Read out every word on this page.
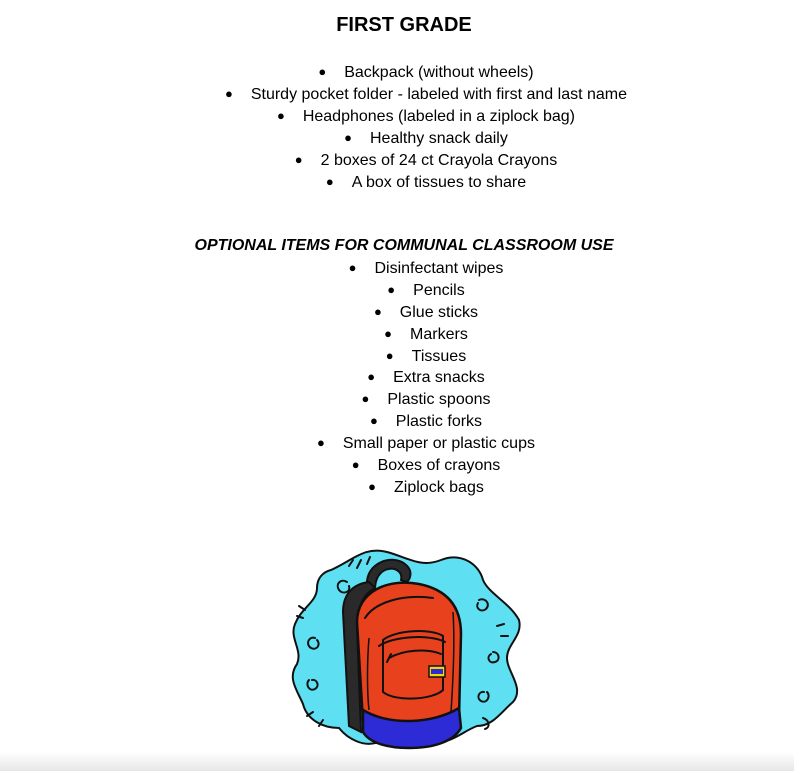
FIRST GRADE
● Backpack (without wheels)
● Sturdy pocket folder - labeled with first and last name
● Headphones (labeled in a ziplock bag)
● Healthy snack daily
● 2 boxes of 24 ct Crayola Crayons
● A box of tissues to share
OPTIONAL ITEMS FOR COMMUNAL CLASSROOM USE
● Disinfectant wipes
● Pencils
● Glue sticks
● Markers
● Tissues
● Extra snacks
● Plastic spoons
● Plastic forks
● Small paper or plastic cups
● Boxes of crayons
● Ziplock bags
